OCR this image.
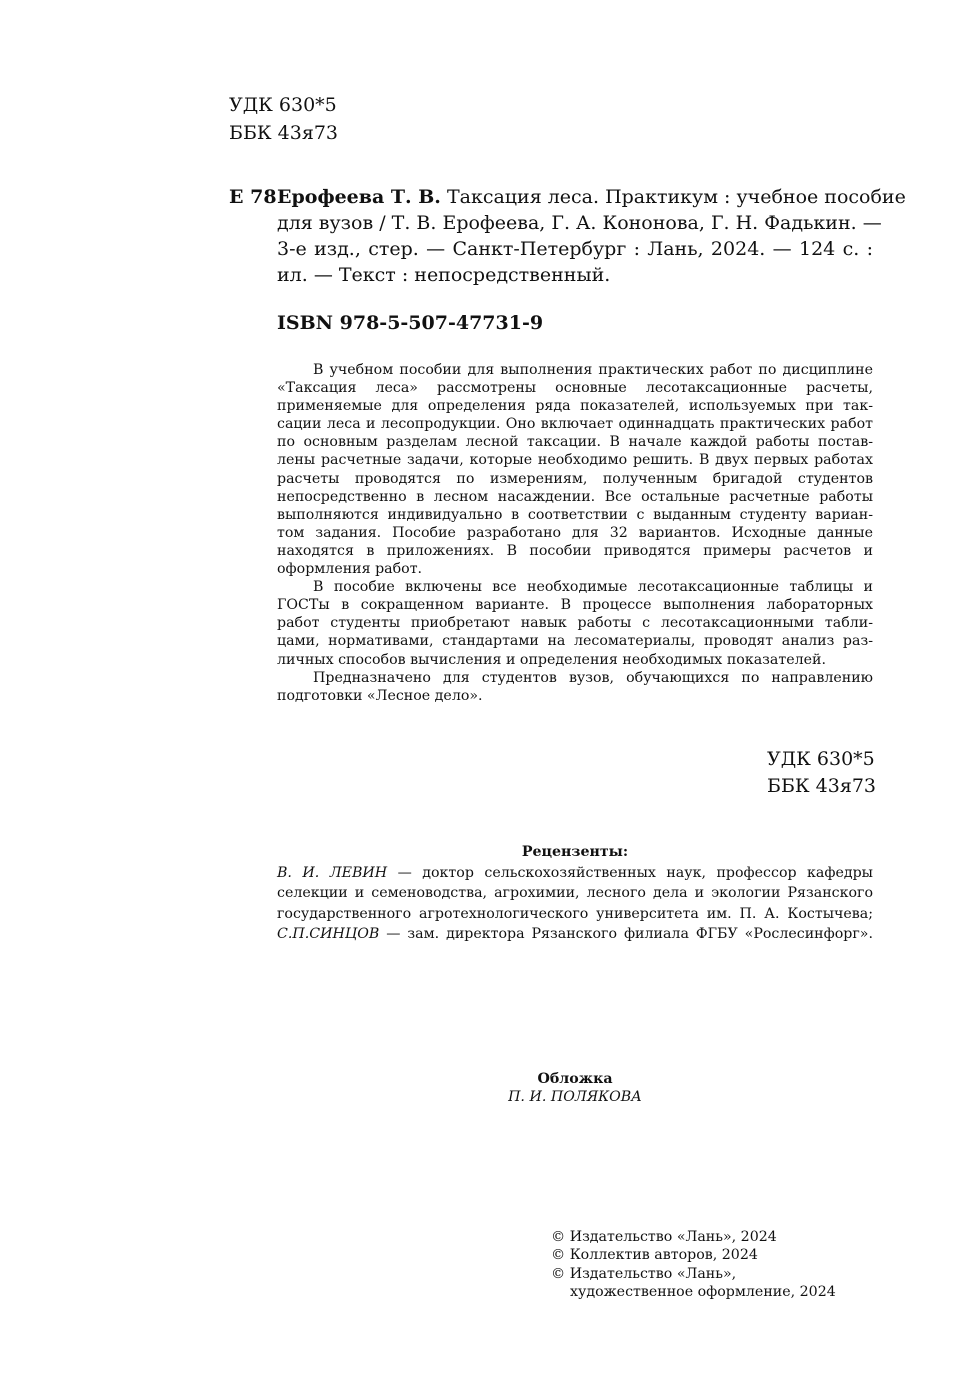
УДК 630*5
ББК 43я73
Е 78 Ерофеева Т. В. Таксация леса. Практикум : учебное пособие

для вузов / Т. В. Ерофеева, Г. А. Кононова, Г. Н. Фадькин. —

3-е изд., стер. — Санкт-Петербург : Лань, 2024. — 124 с. :

ил. — Текст : непосредственный.

ISBN 978-5-507-47731-9

В учебном пособии для выполнения практических работ по дисциплине

«Таксация леса» рассмотрены основные лесотаксационные расчеты,

применяемые для определения ряда показателей, используемых при так-

сации леса и лесопродукции. Оно включает одиннадцать практических работ

по основным разделам лесной таксации. В начале каждой работы постав-

лены расчетные задачи, которые необходимо решить. В двух первых работах

расчеты проводятся по измерениям, полученным бригадой студентов

непосредственно в лесном насаждении. Все остальные расчетные работы

выполняются индивидуально в соответствии с выданным студенту вариан-

том задания. Пособие разработано для 32 вариантов. Исходные данные

находятся в приложениях. В пособии приводятся примеры расчетов и

оформления работ.

В пособие включены все необходимые лесотаксационные таблицы и

ГОСТы в сокращенном варианте. В процессе выполнения лабораторных

работ студенты приобретают навык работы с лесотаксационными табли-

цами, нормативами, стандартами на лесоматериалы, проводят анализ раз-

личных способов вычисления и определения необходимых показателей.

Предназначено для студентов вузов, обучающихся по направлению

подготовки «Лесное дело».

УДК 630*5
ББК 43я73

Рецензенты:

В. И. ЛЕВИН — доктор сельскохозяйственных наук, профессор кафедры

селекции и семеноводства, агрохимии, лесного дела и экологии Рязанского

государственного агротехнологического университета им. П. А. Костычева;

С.П.СИНЦОВ — зам. директора Рязанского филиала ФГБУ «Рослесинфорг».

Обложка
П. И. ПОЛЯКОВА
© Издательство «Лань», 2024
© Коллектив авторов, 2024
© Издательство «Лань»,
художественное оформление, 2024
